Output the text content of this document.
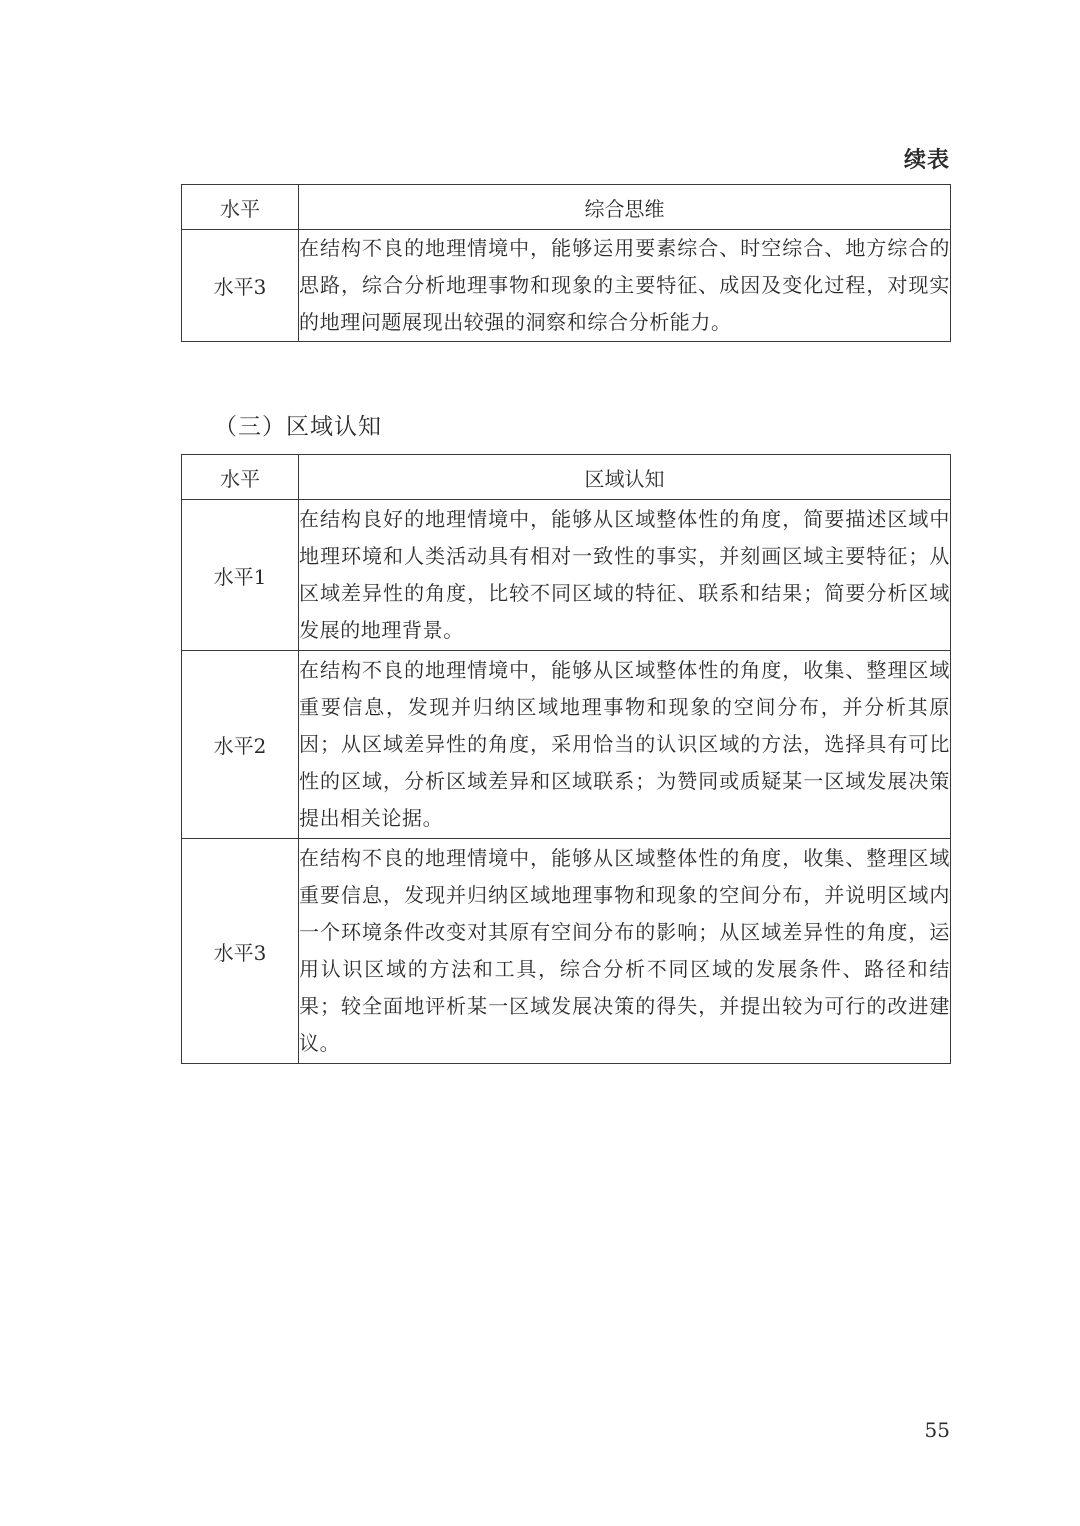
续表
水平	综合思维
水平3	在结构不良的地理情境中，能够运用要素综合、时空综合、地方综合的思路，综合分析地理事物和现象的主要特征、成因及变化过程，对现实的地理问题展现出较强的洞察和综合分析能力。
（三）区域认知
水平	区域认知
水平1	在结构良好的地理情境中，能够从区域整体性的角度，简要描述区域中地理环境和人类活动具有相对一致性的事实，并刻画区域主要特征；从区域差异性的角度，比较不同区域的特征、联系和结果；简要分析区域发展的地理背景。
水平2	在结构不良的地理情境中，能够从区域整体性的角度，收集、整理区域重要信息，发现并归纳区域地理事物和现象的空间分布，并分析其原因；从区域差异性的角度，采用恰当的认识区域的方法，选择具有可比性的区域，分析区域差异和区域联系；为赞同或质疑某一区域发展决策提出相关论据。
水平3	在结构不良的地理情境中，能够从区域整体性的角度，收集、整理区域重要信息，发现并归纳区域地理事物和现象的空间分布，并说明区域内一个环境条件改变对其原有空间分布的影响；从区域差异性的角度，运用认识区域的方法和工具，综合分析不同区域的发展条件、路径和结果；较全面地评析某一区域发展决策的得失，并提出较为可行的改进建议。
55
